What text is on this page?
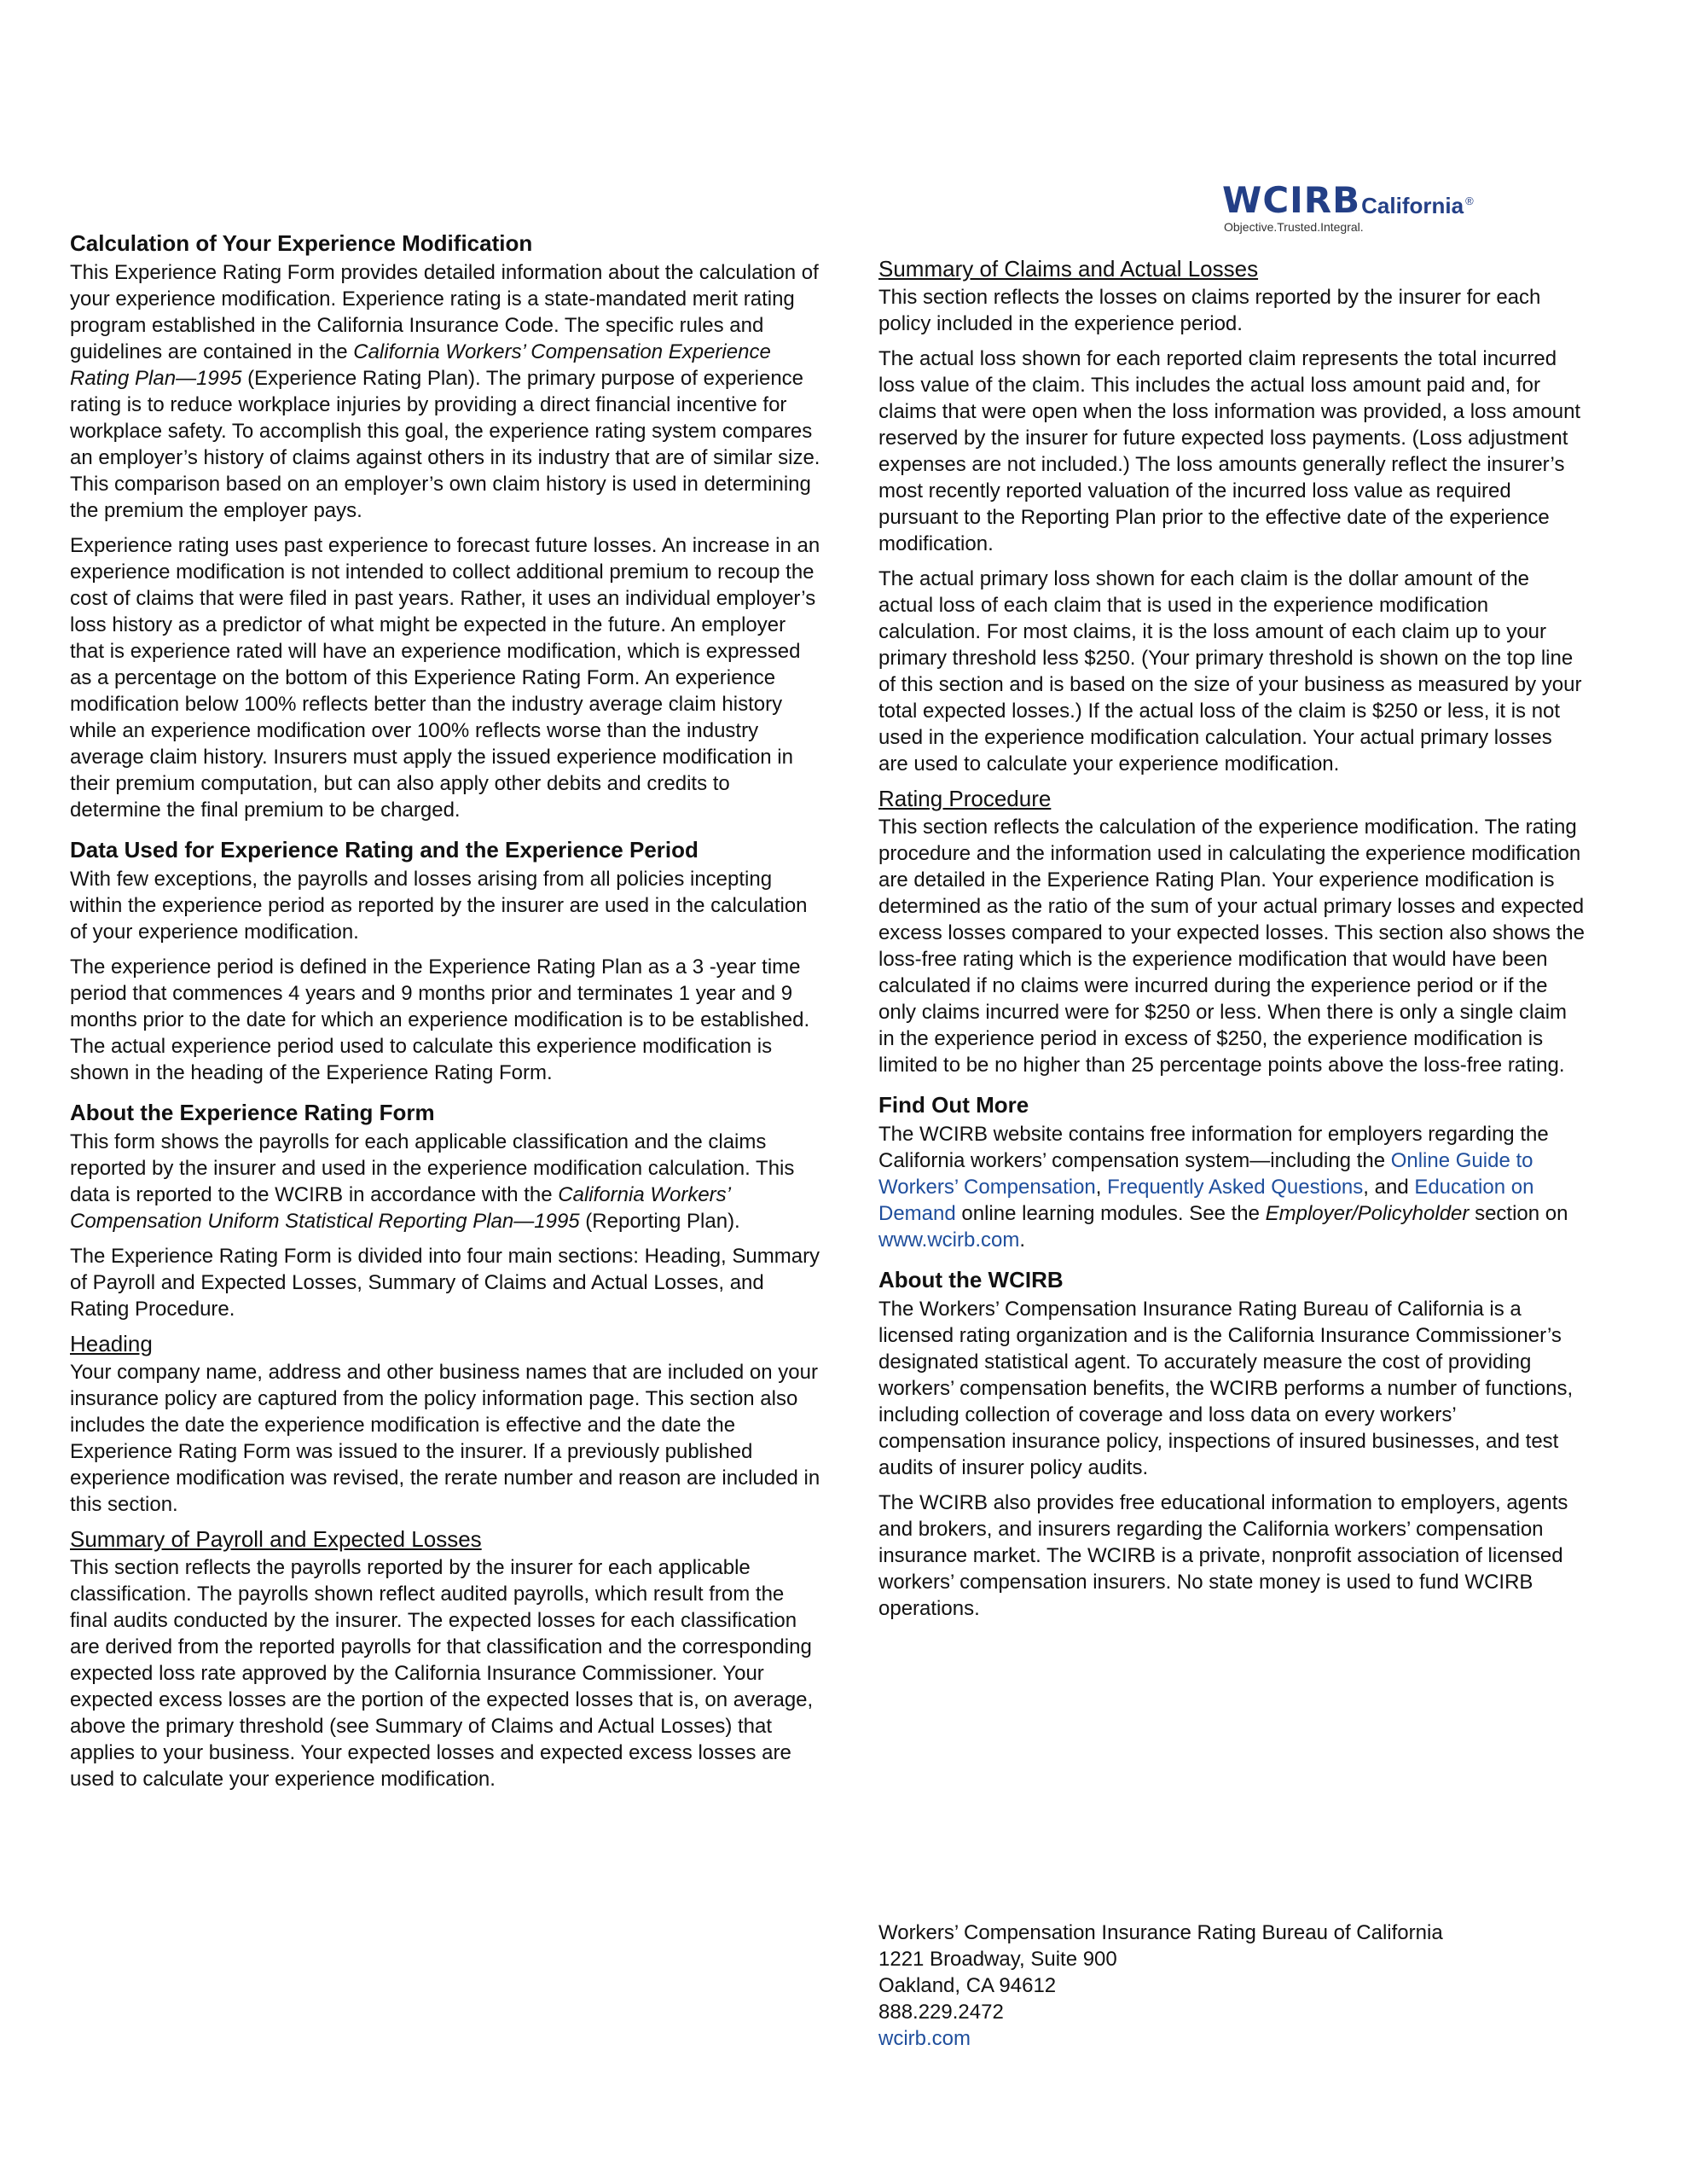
WCIRB California ®
Objective.Trusted.Integral.
Calculation of Your Experience Modification

This Experience Rating Form provides detailed information about the calculation of your experience modification. Experience rating is a state-mandated merit rating program established in the California Insurance Code. The specific rules and guidelines are contained in the California Workers’ Compensation Experience Rating Plan—1995 (Experience Rating Plan). The primary purpose of experience rating is to reduce workplace injuries by providing a direct financial incentive for workplace safety. To accomplish this goal, the experience rating system compares an employer’s history of claims against others in its industry that are of similar size. This comparison based on an employer’s own claim history is used in determining the premium the employer pays.

Experience rating uses past experience to forecast future losses. An increase in an experience modification is not intended to collect additional premium to recoup the cost of claims that were filed in past years. Rather, it uses an individual employer’s loss history as a predictor of what might be expected in the future. An employer that is experience rated will have an experience modification, which is expressed as a percentage on the bottom of this Experience Rating Form. An experience modification below 100% reflects better than the industry average claim history while an experience modification over 100% reflects worse than the industry average claim history. Insurers must apply the issued experience modification in their premium computation, but can also apply other debits and credits to determine the final premium to be charged.

Data Used for Experience Rating and the Experience Period

With few exceptions, the payrolls and losses arising from all policies incepting within the experience period as reported by the insurer are used in the calculation of your experience modification.

The experience period is defined in the Experience Rating Plan as a 3 -year time period that commences 4 years and 9 months prior and terminates 1 year and 9 months prior to the date for which an experience modification is to be established. The actual experience period used to calculate this experience modification is shown in the heading of the Experience Rating Form.

About the Experience Rating Form

This form shows the payrolls for each applicable classification and the claims reported by the insurer and used in the experience modification calculation. This data is reported to the WCIRB in accordance with the California Workers’ Compensation Uniform Statistical Reporting Plan—1995 (Reporting Plan).

The Experience Rating Form is divided into four main sections: Heading, Summary of Payroll and Expected Losses, Summary of Claims and Actual Losses, and Rating Procedure.

Heading

Your company name, address and other business names that are included on your insurance policy are captured from the policy information page. This section also includes the date the experience modification is effective and the date the Experience Rating Form was issued to the insurer. If a previously published experience modification was revised, the rerate number and reason are included in this section.

Summary of Payroll and Expected Losses

This section reflects the payrolls reported by the insurer for each applicable classification. The payrolls shown reflect audited payrolls, which result from the final audits conducted by the insurer. The expected losses for each classification are derived from the reported payrolls for that classification and the corresponding expected loss rate approved by the California Insurance Commissioner. Your expected excess losses are the portion of the expected losses that is, on average, above the primary threshold (see Summary of Claims and Actual Losses) that applies to your business. Your expected losses and expected excess losses are used to calculate your experience modification.

Summary of Claims and Actual Losses

This section reflects the losses on claims reported by the insurer for each policy included in the experience period.

The actual loss shown for each reported claim represents the total incurred loss value of the claim. This includes the actual loss amount paid and, for claims that were open when the loss information was provided, a loss amount reserved by the insurer for future expected loss payments. (Loss adjustment expenses are not included.) The loss amounts generally reflect the insurer’s most recently reported valuation of the incurred loss value as required pursuant to the Reporting Plan prior to the effective date of the experience modification.

The actual primary loss shown for each claim is the dollar amount of the actual loss of each claim that is used in the experience modification calculation. For most claims, it is the loss amount of each claim up to your primary threshold less $250. (Your primary threshold is shown on the top line of this section and is based on the size of your business as measured by your total expected losses.) If the actual loss of the claim is $250 or less, it is not used in the experience modification calculation. Your actual primary losses are used to calculate your experience modification.

Rating Procedure

This section reflects the calculation of the experience modification. The rating procedure and the information used in calculating the experience modification are detailed in the Experience Rating Plan. Your experience modification is determined as the ratio of the sum of your actual primary losses and expected excess losses compared to your expected losses. This section also shows the loss-free rating which is the experience modification that would have been calculated if no claims were incurred during the experience period or if the only claims incurred were for $250 or less. When there is only a single claim in the experience period in excess of $250, the experience modification is limited to be no higher than 25 percentage points above the loss-free rating.

Find Out More

The WCIRB website contains free information for employers regarding the California workers’ compensation system—including the Online Guide to Workers’ Compensation, Frequently Asked Questions, and Education on Demand online learning modules. See the Employer/Policyholder section on www.wcirb.com.

About the WCIRB

The Workers’ Compensation Insurance Rating Bureau of California is a licensed rating organization and is the California Insurance Commissioner’s designated statistical agent. To accurately measure the cost of providing workers’ compensation benefits, the WCIRB performs a number of functions, including collection of coverage and loss data on every workers’ compensation insurance policy, inspections of insured businesses, and test audits of insurer policy audits.

The WCIRB also provides free educational information to employers, agents and brokers, and insurers regarding the California workers’ compensation insurance market. The WCIRB is a private, nonprofit association of licensed workers’ compensation insurers. No state money is used to fund WCIRB operations.

Workers’ Compensation Insurance Rating Bureau of California
1221 Broadway, Suite 900
Oakland, CA 94612
888.229.2472
wcirb.com
